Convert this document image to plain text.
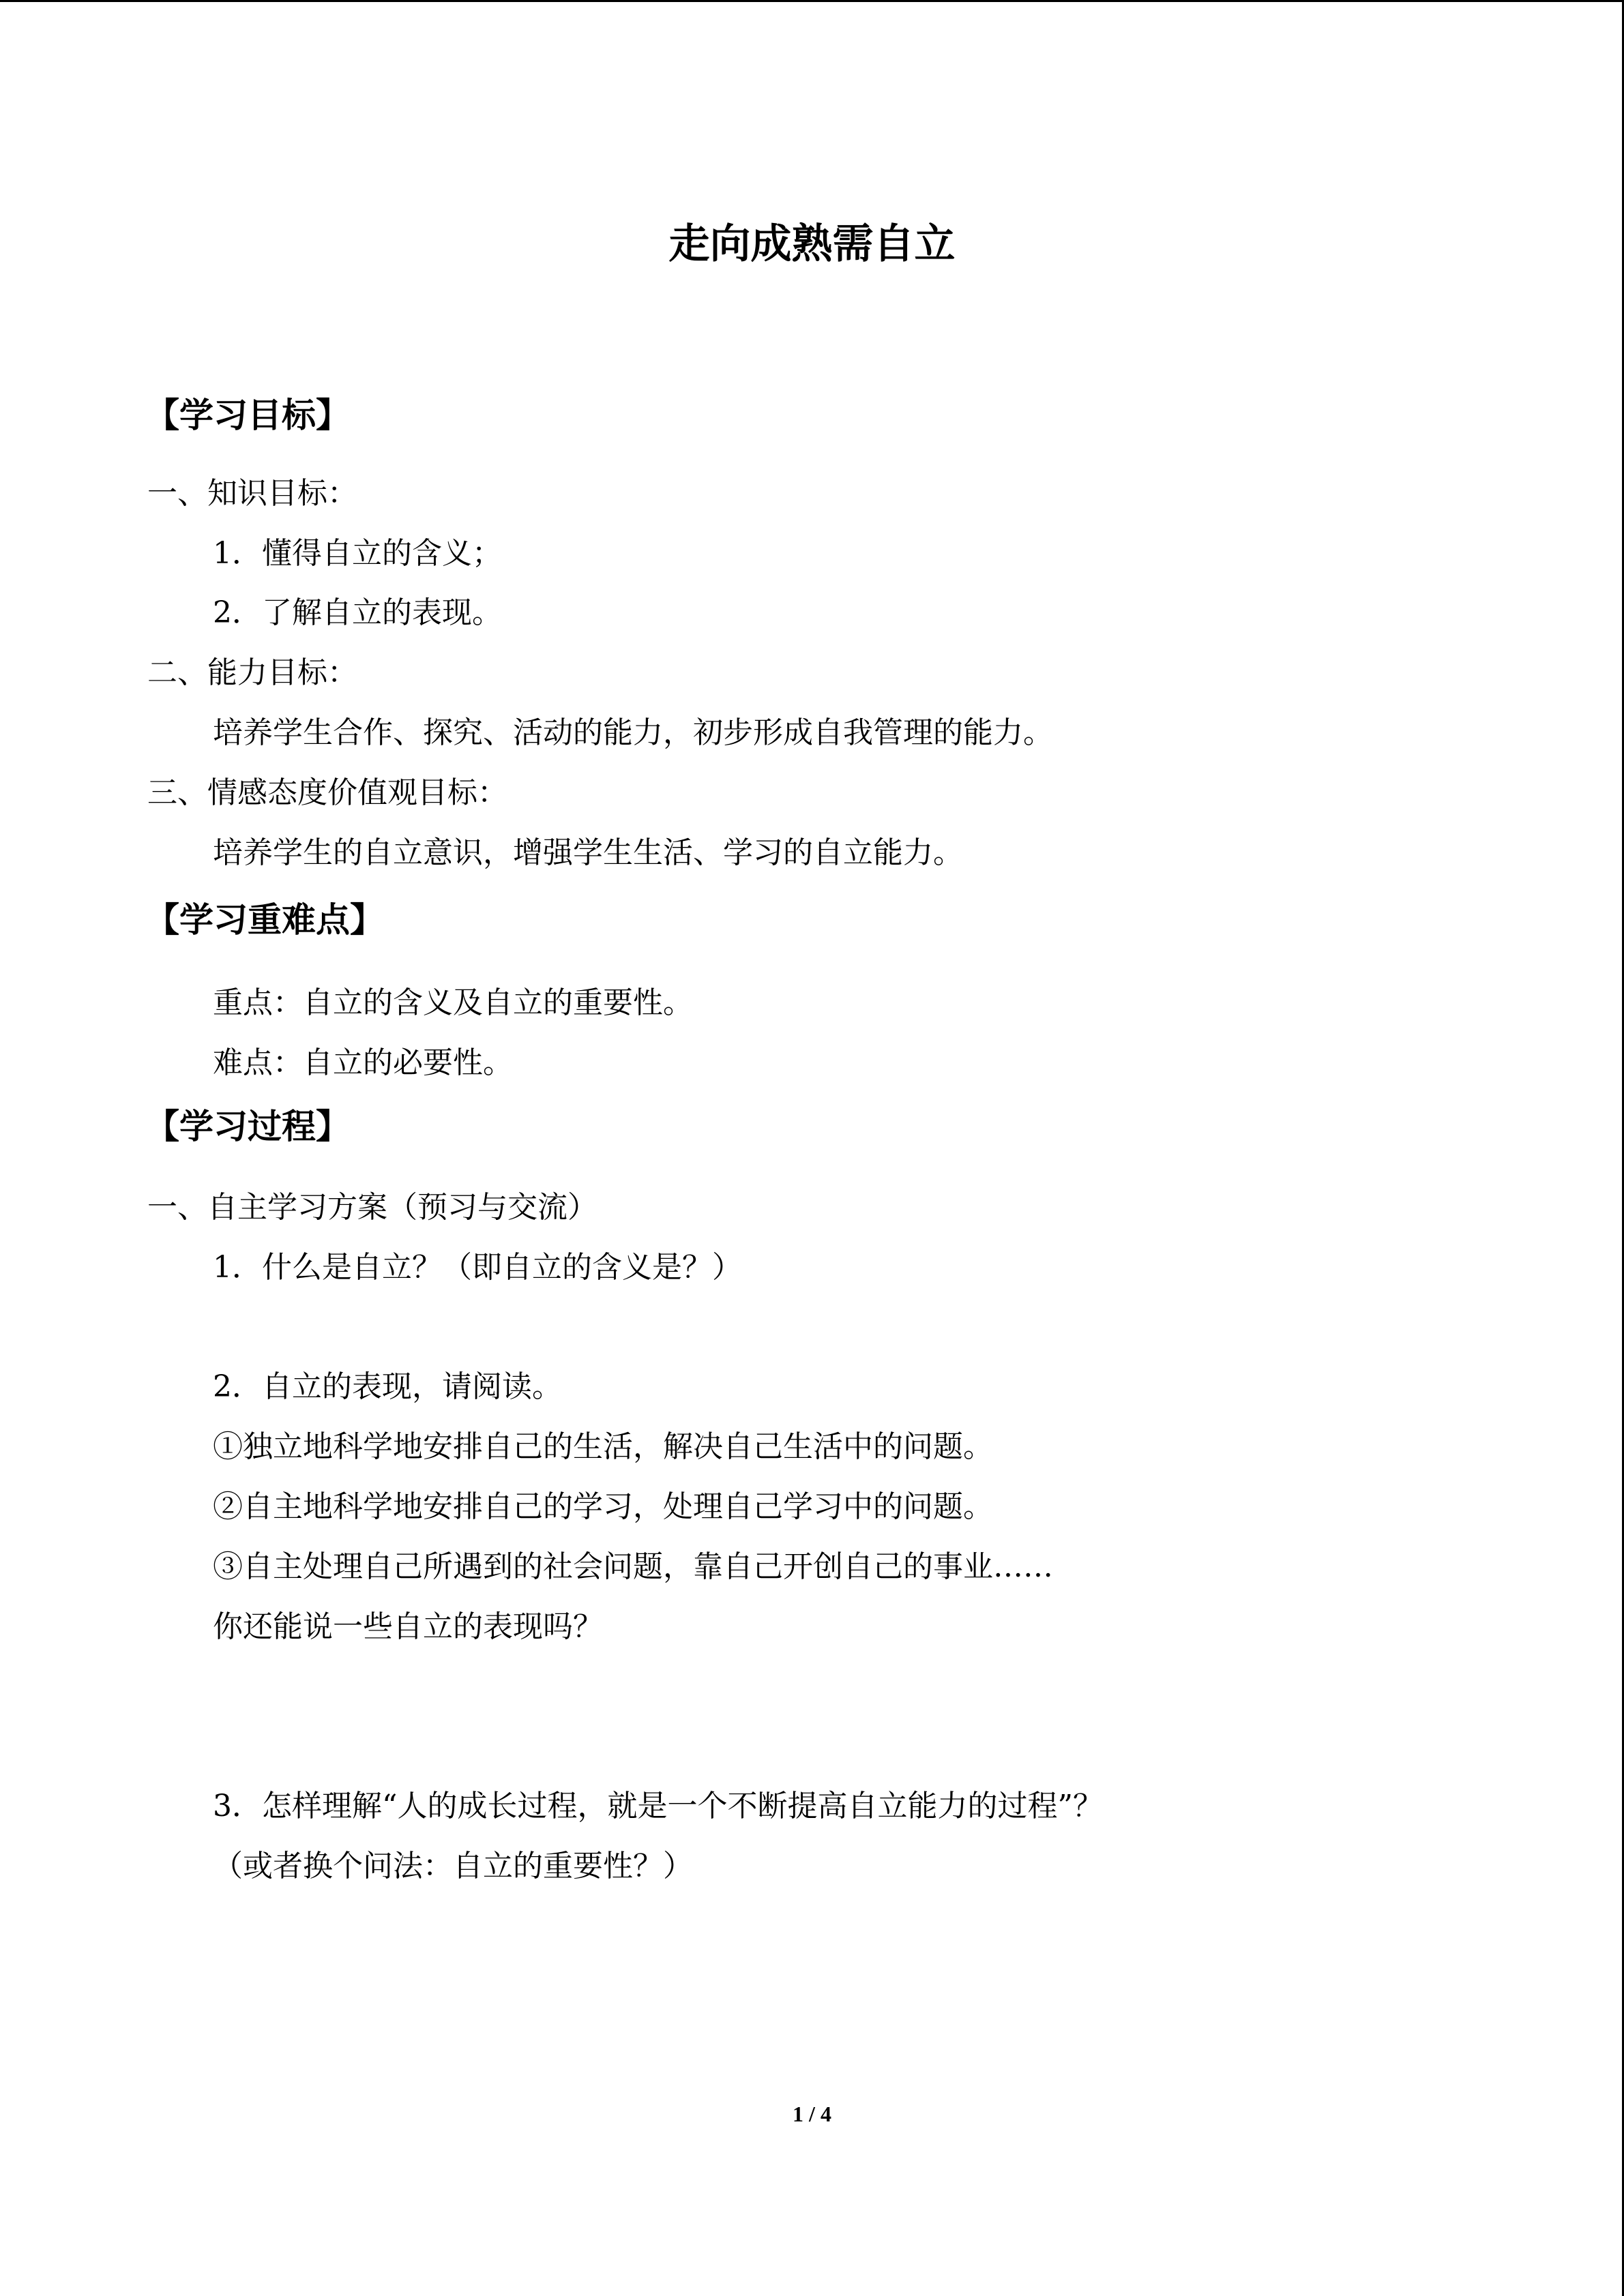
走向成熟需自立
【学习目标】
一、知识目标：
1．懂得自立的含义；
2．了解自立的表现。
二、能力目标：
培养学生合作、探究、活动的能力，初步形成自我管理的能力。
三、情感态度价值观目标：
培养学生的自立意识，增强学生生活、学习的自立能力。
【学习重难点】
重点：自立的含义及自立的重要性。
难点：自立的必要性。
【学习过程】
一、自主学习方案（预习与交流）
1．什么是自立？（即自立的含义是？）
2．自立的表现，请阅读。
①独立地科学地安排自己的生活，解决自己生活中的问题。
②自主地科学地安排自己的学习，处理自己学习中的问题。
③自主处理自己所遇到的社会问题，靠自己开创自己的事业……
你还能说一些自立的表现吗？
3．怎样理解“人的成长过程，就是一个不断提高自立能力的过程”？
（或者换个问法：自立的重要性？）
1 / 4
